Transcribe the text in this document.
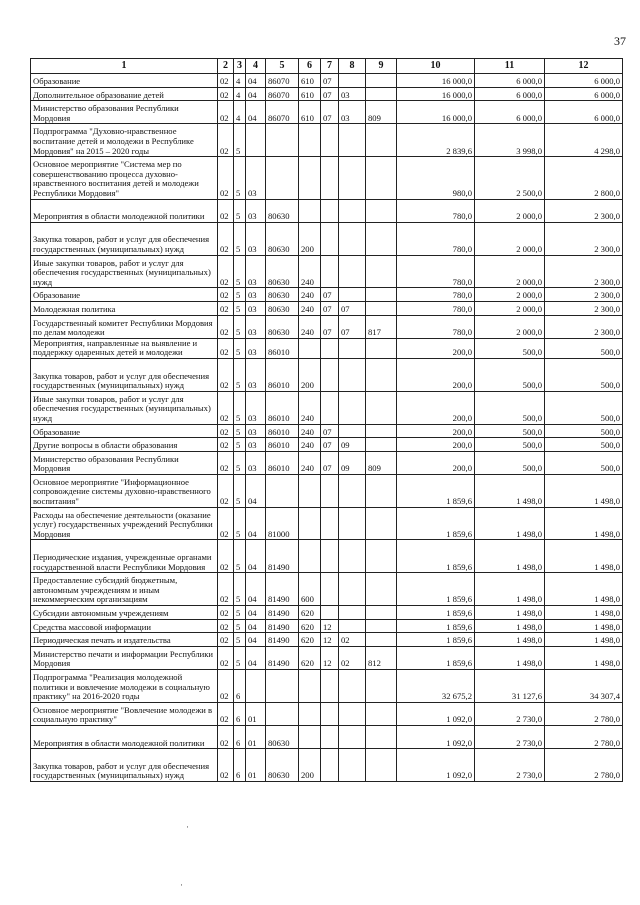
37
1	2	3	4	5	6	7	8	9	10	11	12
Образование	02	4	04	86070	610	07			16 000,0	6 000,0	6 000,0
Дополнительное образование детей	02	4	04	86070	610	07	03		16 000,0	6 000,0	6 000,0
Министерство образования Республики Мордовия	02	4	04	86070	610	07	03	809	16 000,0	6 000,0	6 000,0
Подпрограмма "Духовно-нравственное воспитание детей и молодежи в Республике Мордовия" на 2015 – 2020 годы	02	5							2 839,6	3 998,0	4 298,0
Основное мероприятие "Система мер по совершенствованию процесса духовно-нравственного воспитания детей и молодежи Республики Мордовия"	02	5	03						980,0	2 500,0	2 800,0
Мероприятия в области молодежной политики	02	5	03	80630					780,0	2 000,0	2 300,0
Закупка товаров, работ и услуг для обеспечения государственных (муниципальных) нужд	02	5	03	80630	200				780,0	2 000,0	2 300,0
Иные закупки товаров, работ и услуг для обеспечения государственных (муниципальных) нужд	02	5	03	80630	240				780,0	2 000,0	2 300,0
Образование	02	5	03	80630	240	07			780,0	2 000,0	2 300,0
Молодежная политика	02	5	03	80630	240	07	07		780,0	2 000,0	2 300,0
Государственный комитет Республики Мордовия по делам молодежи	02	5	03	80630	240	07	07	817	780,0	2 000,0	2 300,0
Мероприятия, направленные на выявление и поддержку одаренных детей и молодежи	02	5	03	86010					200,0	500,0	500,0
Закупка товаров, работ и услуг для обеспечения государственных (муниципальных) нужд	02	5	03	86010	200				200,0	500,0	500,0
Иные закупки товаров, работ и услуг для обеспечения государственных (муниципальных) нужд	02	5	03	86010	240				200,0	500,0	500,0
Образование	02	5	03	86010	240	07			200,0	500,0	500,0
Другие вопросы в области образования	02	5	03	86010	240	07	09		200,0	500,0	500,0
Министерство образования Республики Мордовия	02	5	03	86010	240	07	09	809	200,0	500,0	500,0
Основное мероприятие "Информационное сопровождение системы духовно-нравственного воспитания"	02	5	04						1 859,6	1 498,0	1 498,0
Расходы на обеспечение деятельности (оказание услуг) государственных учреждений Республики Мордовия	02	5	04	81000					1 859,6	1 498,0	1 498,0
Периодические издания, учрежденные органами государственной власти Республики Мордовия	02	5	04	81490					1 859,6	1 498,0	1 498,0
Предоставление субсидий бюджетным, автономным учреждениям и иным некоммерческим организациям	02	5	04	81490	600				1 859,6	1 498,0	1 498,0
Субсидии автономным учреждениям	02	5	04	81490	620				1 859,6	1 498,0	1 498,0
Средства массовой информации	02	5	04	81490	620	12			1 859,6	1 498,0	1 498,0
Периодическая печать и издательства	02	5	04	81490	620	12	02		1 859,6	1 498,0	1 498,0
Министерство печати и информации Республики Мордовия	02	5	04	81490	620	12	02	812	1 859,6	1 498,0	1 498,0
Подпрограмма "Реализация молодежной политики и вовлечение молодежи в социальную практику" на 2016-2020 годы	02	6							32 675,2	31 127,6	34 307,4
Основное мероприятие "Вовлечение молодежи в социальную практику"	02	6	01						1 092,0	2 730,0	2 780,0
Мероприятия в области молодежной политики	02	6	01	80630					1 092,0	2 730,0	2 780,0
Закупка товаров, работ и услуг для обеспечения государственных (муниципальных) нужд	02	6	01	80630	200				1 092,0	2 730,0	2 780,0
·
·
